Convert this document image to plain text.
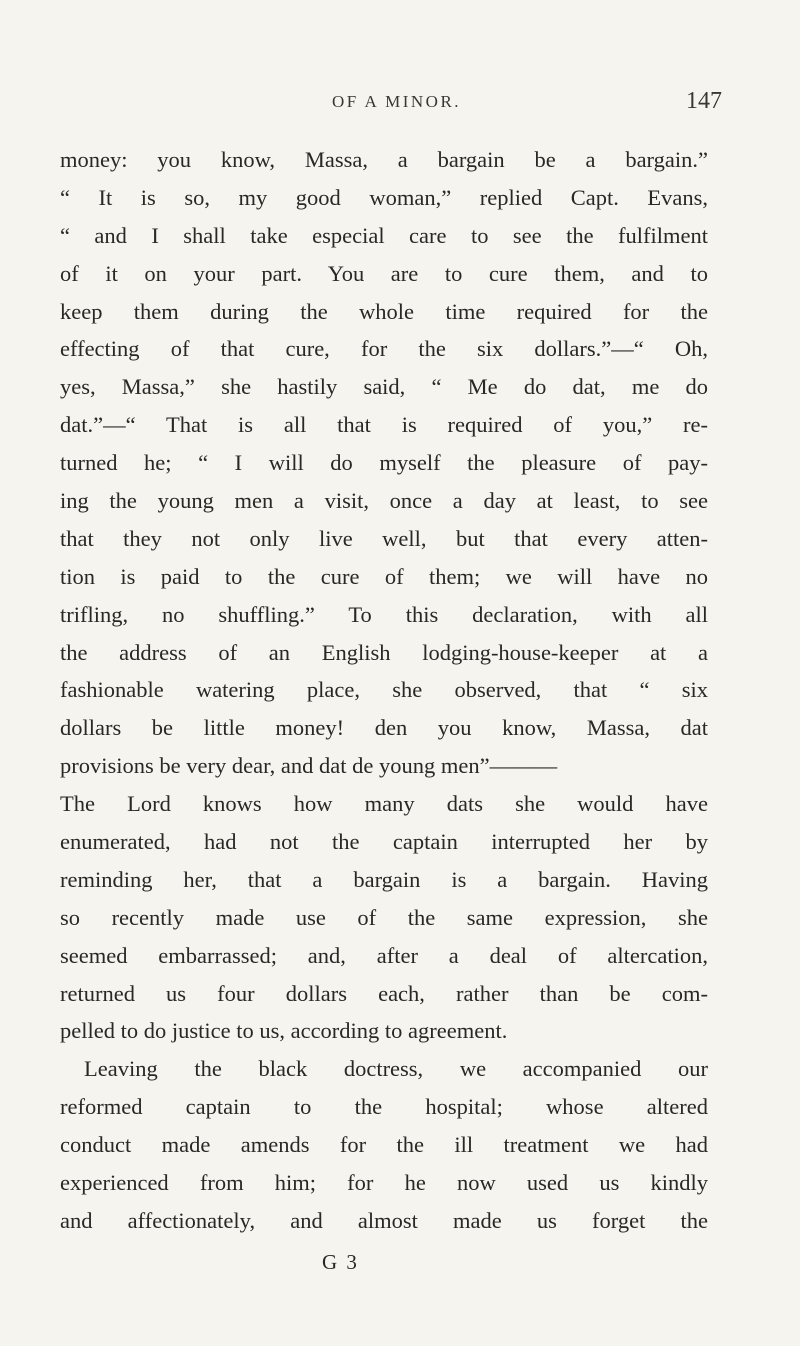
OF A MINOR.	147
money: you know, Massa, a bargain be a bargain.”
“ It is so, my good woman,” replied Capt. Evans,
“ and I shall take especial care to see the fulfilment
of it on your part. You are to cure them, and to
keep them during the whole time required for the
effecting of that cure, for the six dollars.”—“ Oh,
yes, Massa,” she hastily said, “ Me do dat, me do
dat.”—“ That is all that is required of you,” re-
turned he; “ I will do myself the pleasure of pay-
ing the young men a visit, once a day at least, to see
that they not only live well, but that every atten-
tion is paid to the cure of them; we will have no
trifling, no shuffling.” To this declaration, with all
the address of an English lodging-house-keeper at a
fashionable watering place, she observed, that “ six
dollars be little money! den you know, Massa, dat
provisions be very dear, and dat de young men”———
The Lord knows how many dats she would have
enumerated, had not the captain interrupted her by
reminding her, that a bargain is a bargain. Having
so recently made use of the same expression, she
seemed embarrassed; and, after a deal of altercation,
returned us four dollars each, rather than be com-
pelled to do justice to us, according to agreement.
Leaving the black doctress, we accompanied our
reformed captain to the hospital; whose altered
conduct made amends for the ill treatment we had
experienced from him; for he now used us kindly
and affectionately, and almost made us forget the
G 3
